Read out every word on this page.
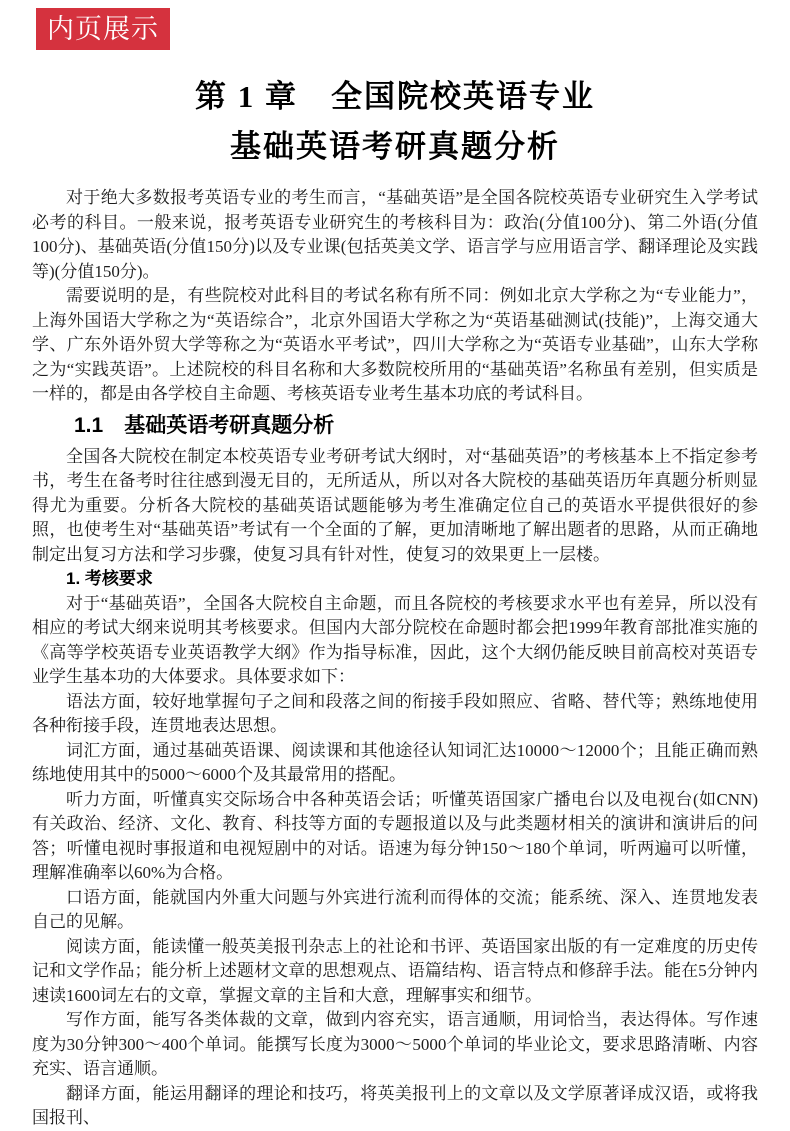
内页展示
第 1 章　全国院校英语专业
基础英语考研真题分析

对于绝大多数报考英语专业的考生而言，“基础英语”是全国各院校英语专业研究生入学考试必考的科目。一般来说，报考英语专业研究生的考核科目为：政治(分值100分)、第二外语(分值100分)、基础英语(分值150分)以及专业课(包括英美文学、语言学与应用语言学、翻译理论及实践等)(分值150分)。

需要说明的是，有些院校对此科目的考试名称有所不同：例如北京大学称之为“专业能力”，上海外国语大学称之为“英语综合”，北京外国语大学称之为“英语基础测试(技能)”，上海交通大学、广东外语外贸大学等称之为“英语水平考试”，四川大学称之为“英语专业基础”，山东大学称之为“实践英语”。上述院校的科目名称和大多数院校所用的“基础英语”名称虽有差别，但实质是一样的，都是由各学校自主命题、考核英语专业考生基本功底的考试科目。

1.1　基础英语考研真题分析

全国各大院校在制定本校英语专业考研考试大纲时，对“基础英语”的考核基本上不指定参考书，考生在备考时往往感到漫无目的，无所适从，所以对各大院校的基础英语历年真题分析则显得尤为重要。分析各大院校的基础英语试题能够为考生准确定位自己的英语水平提供很好的参照，也使考生对“基础英语”考试有一个全面的了解，更加清晰地了解出题者的思路，从而正确地制定出复习方法和学习步骤，使复习具有针对性，使复习的效果更上一层楼。

1. 考核要求

对于“基础英语”，全国各大院校自主命题，而且各院校的考核要求水平也有差异，所以没有相应的考试大纲来说明其考核要求。但国内大部分院校在命题时都会把1999年教育部批准实施的《高等学校英语专业英语教学大纲》作为指导标准，因此，这个大纲仍能反映目前高校对英语专业学生基本功的大体要求。具体要求如下：

语法方面，较好地掌握句子之间和段落之间的衔接手段如照应、省略、替代等；熟练地使用各种衔接手段，连贯地表达思想。

词汇方面，通过基础英语课、阅读课和其他途径认知词汇达10000～12000个；且能正确而熟练地使用其中的5000～6000个及其最常用的搭配。

听力方面，听懂真实交际场合中各种英语会话；听懂英语国家广播电台以及电视台(如CNN)有关政治、经济、文化、教育、科技等方面的专题报道以及与此类题材相关的演讲和演讲后的问答；听懂电视时事报道和电视短剧中的对话。语速为每分钟150～180个单词，听两遍可以听懂，理解准确率以60%为合格。

口语方面，能就国内外重大问题与外宾进行流利而得体的交流；能系统、深入、连贯地发表自己的见解。

阅读方面，能读懂一般英美报刊杂志上的社论和书评、英语国家出版的有一定难度的历史传记和文学作品；能分析上述题材文章的思想观点、语篇结构、语言特点和修辞手法。能在5分钟内速读1600词左右的文章，掌握文章的主旨和大意，理解事实和细节。

写作方面，能写各类体裁的文章，做到内容充实，语言通顺，用词恰当，表达得体。写作速度为30分钟300～400个单词。能撰写长度为3000～5000个单词的毕业论文，要求思路清晰、内容充实、语言通顺。

翻译方面，能运用翻译的理论和技巧，将英美报刊上的文章以及文学原著译成汉语，或将我国报刊、
